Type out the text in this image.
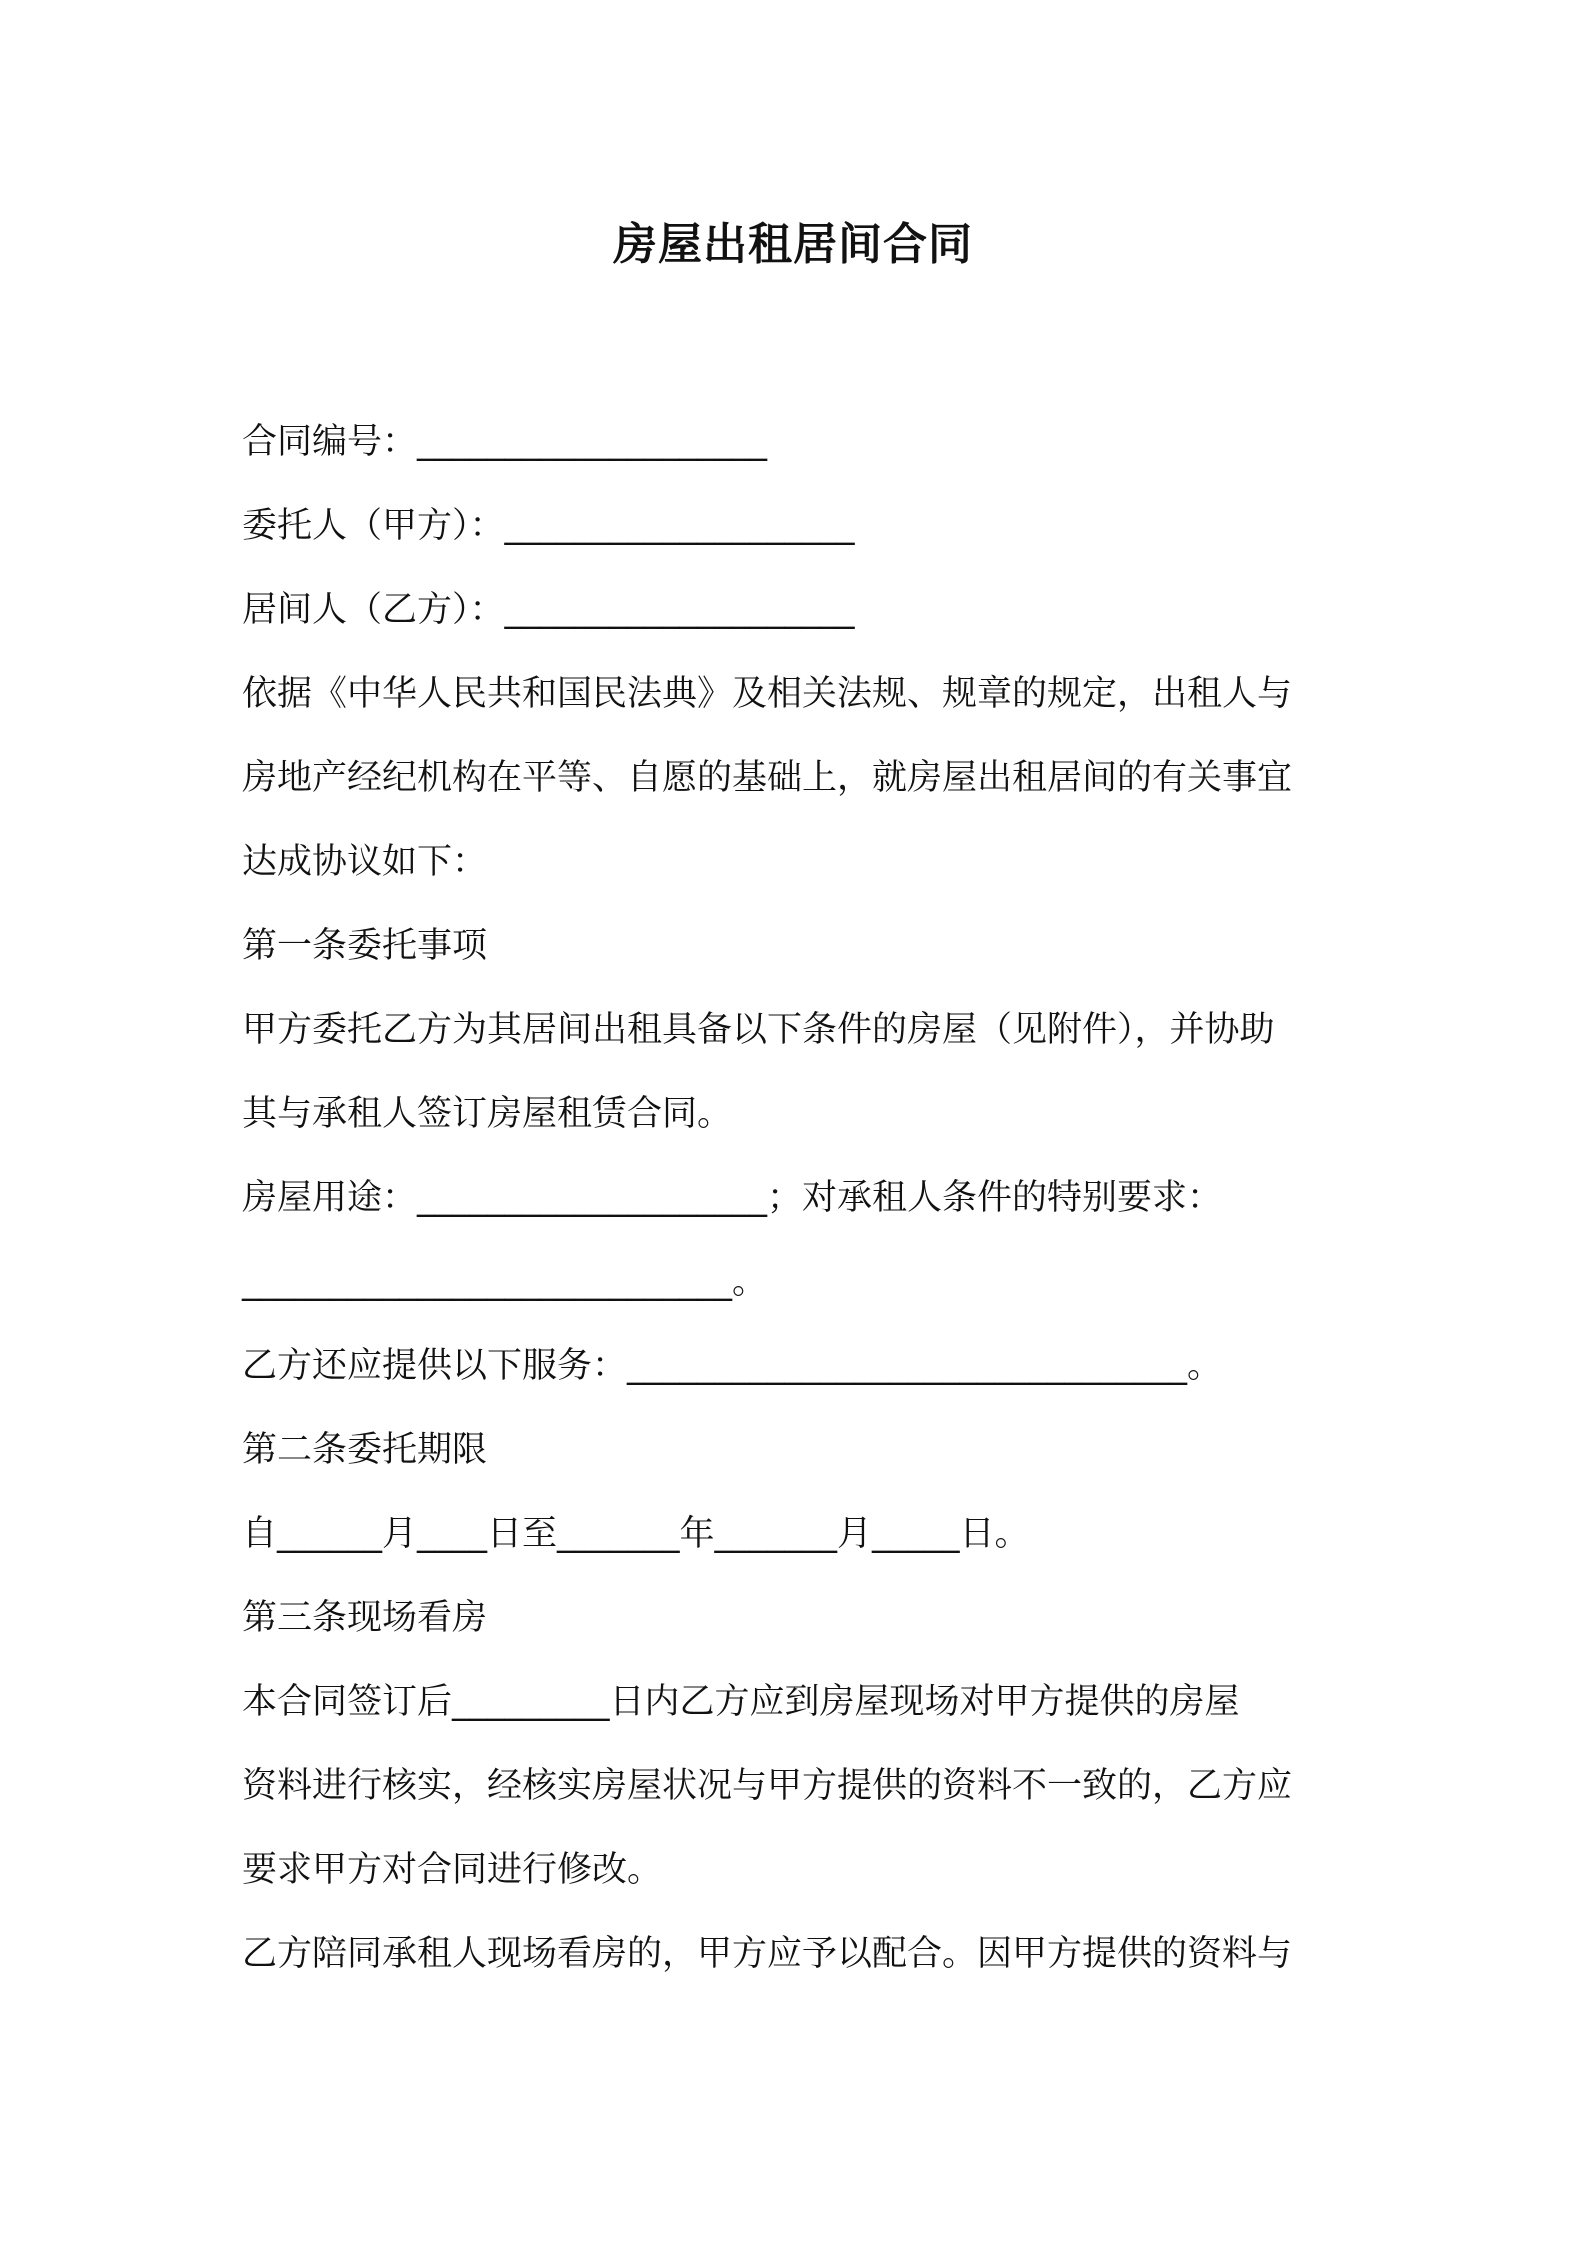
房屋出租居间合同
合同编号：____________________
委托人（甲方）：____________________
居间人（乙方）：____________________
依据《中华人民共和国民法典》及相关法规、规章的规定，出租人与
房地产经纪机构在平等、自愿的基础上，就房屋出租居间的有关事宜
达成协议如下：
第一条委托事项
甲方委托乙方为其居间出租具备以下条件的房屋（见附件），并协助
其与承租人签订房屋租赁合同。
房屋用途：____________________；对承租人条件的特别要求：
____________________________。
乙方还应提供以下服务：________________________________。
第二条委托期限
自______月____日至_______年_______月_____日。
第三条现场看房
本合同签订后_________日内乙方应到房屋现场对甲方提供的房屋
资料进行核实，经核实房屋状况与甲方提供的资料不一致的，乙方应
要求甲方对合同进行修改。
乙方陪同承租人现场看房的，甲方应予以配合。因甲方提供的资料与
